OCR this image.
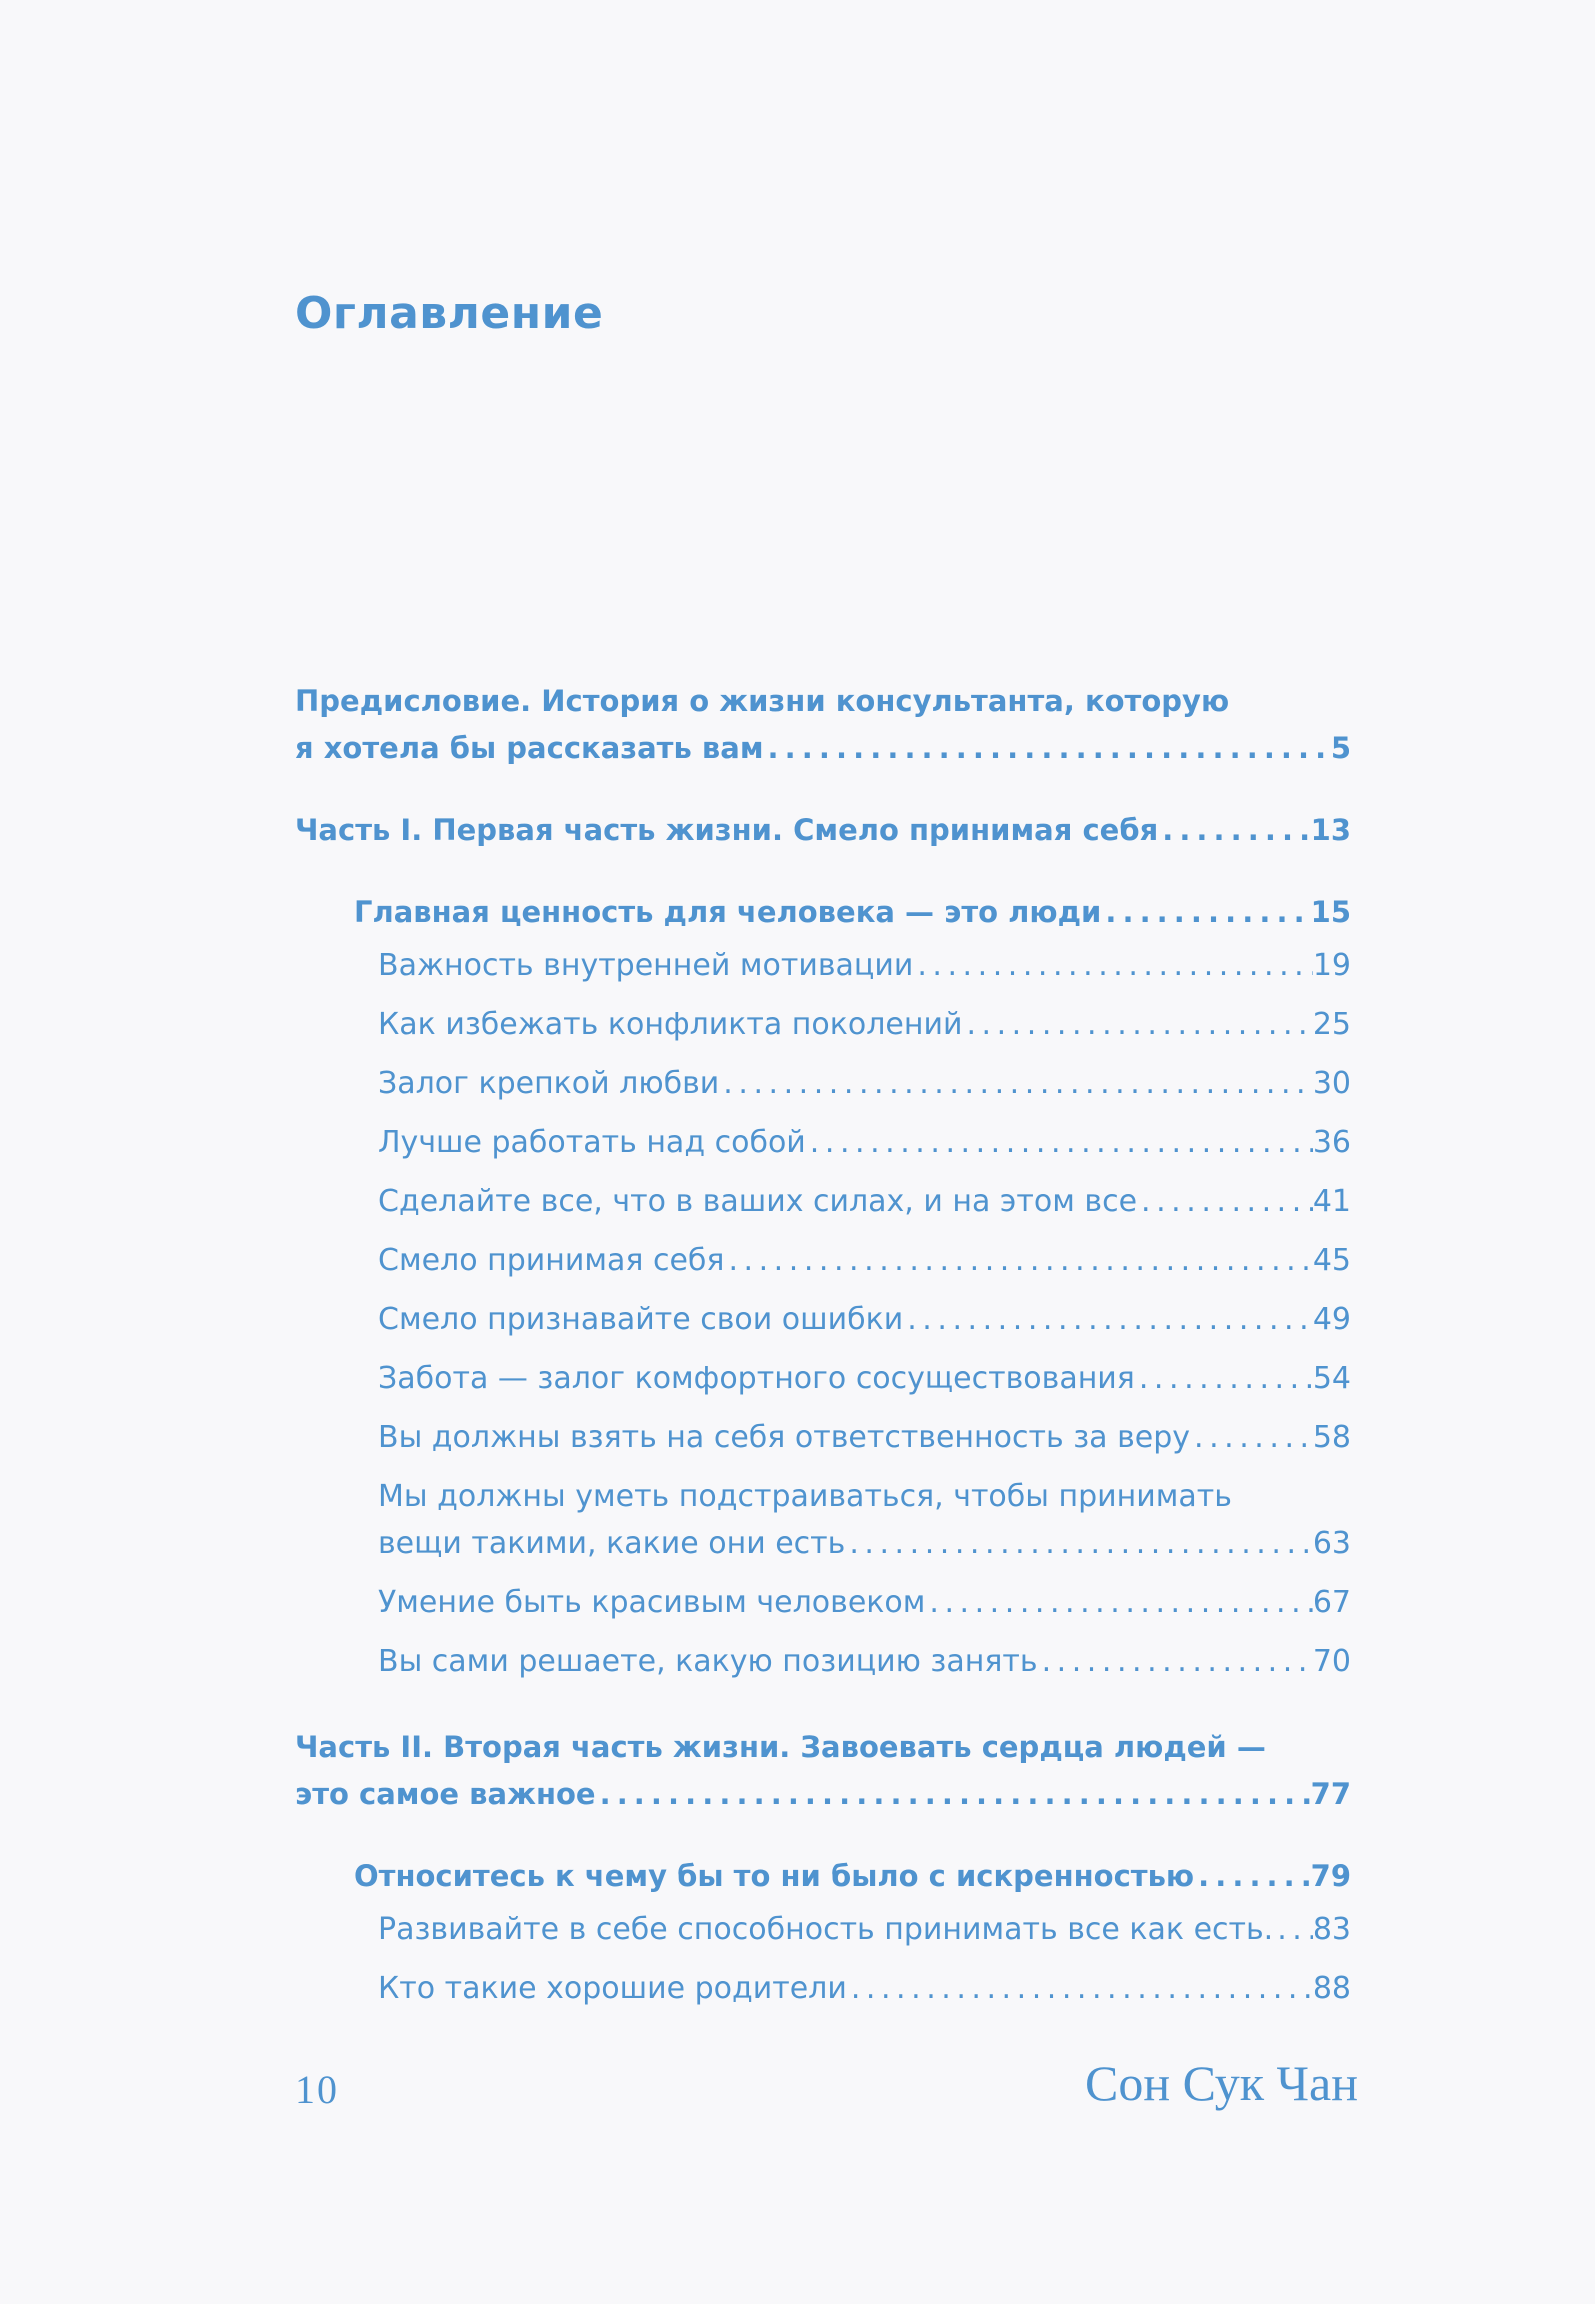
Оглавление
Предисловие. История о жизни консультанта, которую
я хотела бы рассказать вам . . .	5
Часть I. Первая часть жизни. Смело принимая себя . . .	13
Главная ценность для человека — это люди . . .	15
Важность внутренней мотивации . . .	19
Как избежать конфликта поколений . . .	25
Залог крепкой любви . . .	30
Лучше работать над собой . . .	36
Сделайте все, что в ваших силах, и на этом все . . .	41
Смело принимая себя . . .	45
Смело признавайте свои ошибки . . .	49
Забота — залог комфортного сосуществования . . .	54
Вы должны взять на себя ответственность за веру . . .	58
Мы должны уметь подстраиваться, чтобы принимать
вещи такими, какие они есть . . .	63
Умение быть красивым человеком . . .	67
Вы сами решаете, какую позицию занять . . .	70
Часть II. Вторая часть жизни. Завоевать сердца людей —
это самое важное . . .	77
Относитесь к чему бы то ни было с искренностью . . .	79
Развивайте в себе способность принимать все как есть. . . . 83
Кто такие хорошие родители . . .	88
10	Сон Сук Чан
